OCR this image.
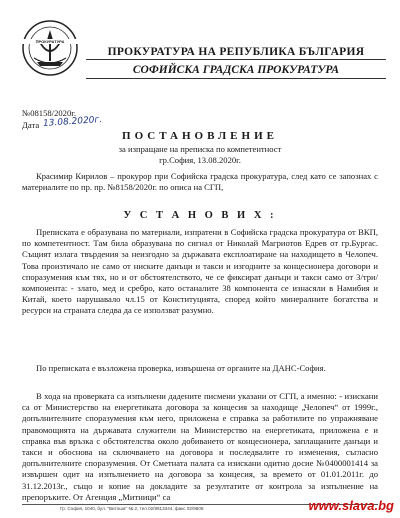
ПРОКУРАТУРА
ПРОКУРАТУРА НА РЕПУБЛИКА БЪЛГАРИЯ
СОФИЙСКА ГРАДСКА ПРОКУРАТУРА
№08158/2020г.
Дата 13.08.2020г.
ПОСТАНОВЛЕНИЕ
за изпращане на преписка по компетентност
гр.София, 13.08.2020г.
Красимир Кирилов – прокурор при Софийска градска прокуратура, след като се запознах с материалите по пр. пр. №8158/2020г. по описа на СГП,
У С Т А Н О В И Х :
Преписката е образувана по материали, изпратени в Софийска градска прокуратура от ВКП, по компетентност. Там била образувана по сигнал от Николай Магриотов Едрев от гр.Бургас. Същият излага твърдения за неизгодно за държавата експлоатиране на находището в Челопеч. Това произтичало не само от ниските данъци и такси и изгодните за концесионера договори и споразумения към тях, но и от обстоятелството, че се фиксират данъци и такси само от 3/три/ компонента: - злато, мед и сребро, като останалите 38 компонента се изнасяли в Намибия и Китай, което нарушавало чл.15 от Конституцията, според който минералните богатства и ресурси на страната следва да се използват разумно.
По преписката е възложена проверка, извършена от органите на ДАНС-София.
В хода на проверката са изпълнени дадените писмени указани от СГП, а именно: - изискани са от Министерство на енергетиката договора за концесия за находище „Челопеч“ от 1999г., допълнителните споразумения към него, приложена е справка за работилите по упражняване правомощията на държавата служители на Министерство на енергетиката, приложена е и справка във връзка с обстоятелства около добиването от концесионера, заплащаните данъци и такси и обоснова на сключването на договора и последвалите го изменения, съгласно допълнителните споразумения. От Сметната палата са изискани одитно досие №0400001414 за извършен одит на изпълнението на договора за концесия, за времето от 01.01.2011г. до 31.12.2013г., също и копие на докладите за резултатите от контрола за изпълнение на препоръките. От Агенция „Митници“ са
Гр. София, 1040, бул. "Витоша" № 2, тел.02/9813344, факс 02/9808	www.slava.bg
